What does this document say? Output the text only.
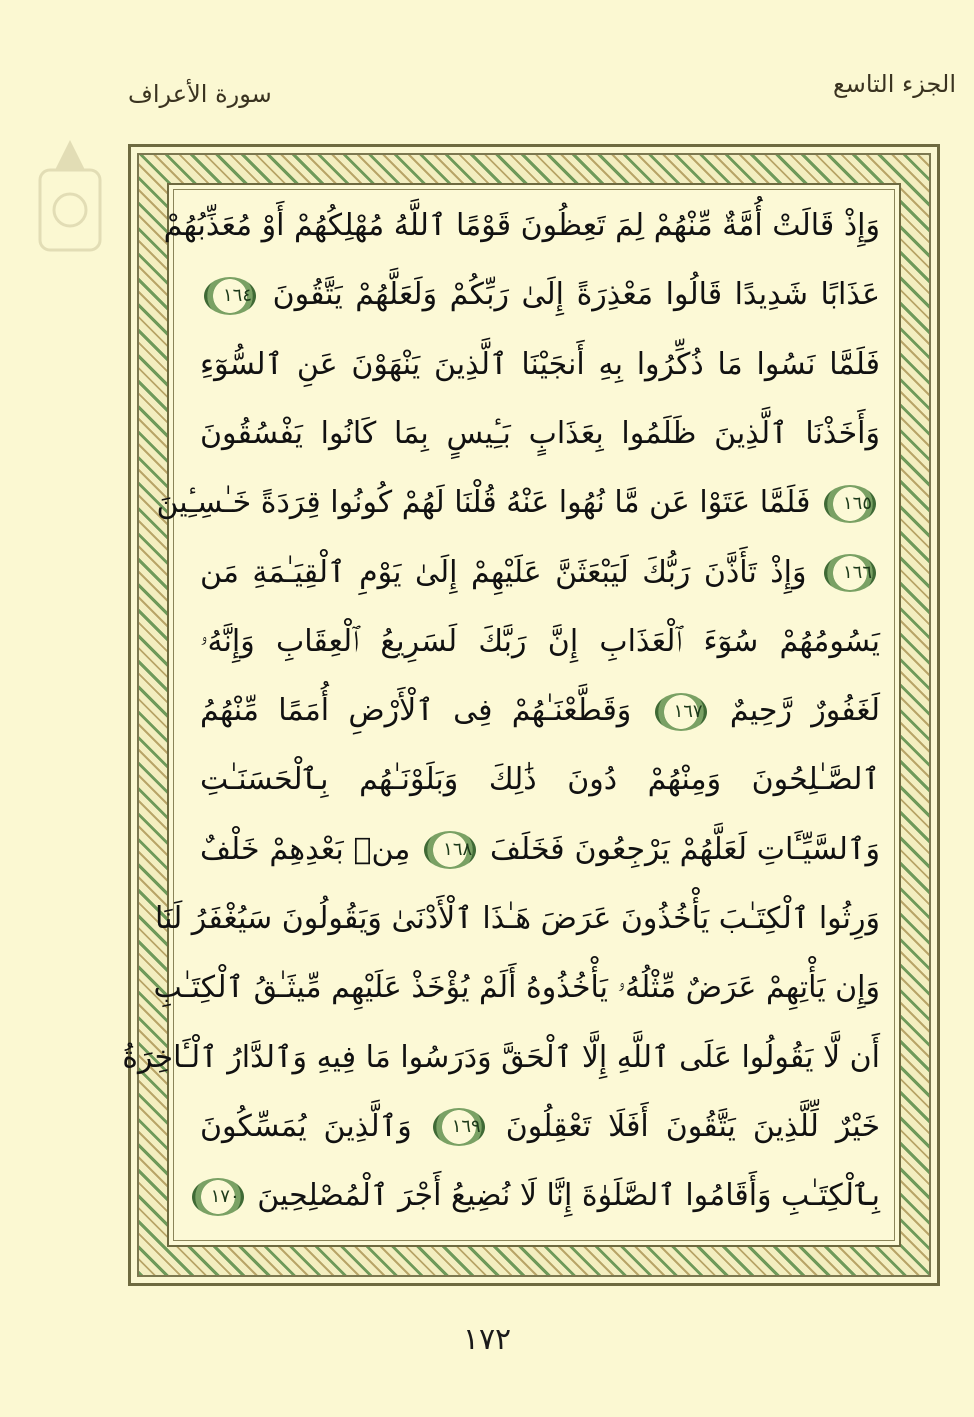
الجزء التاسع
سورة الأعراف
وَإِذْ قَالَتْ أُمَّةٌ مِّنْهُمْ لِمَ تَعِظُونَ قَوْمًا ٱللَّهُ مُهْلِكُهُمْ أَوْ مُعَذِّبُهُمْ
عَذَابًا شَدِيدًا قَالُوا مَعْذِرَةً إِلَىٰ رَبِّكُمْ وَلَعَلَّهُمْ يَتَّقُونَ ١٦٤
فَلَمَّا نَسُوا مَا ذُكِّرُوا بِهِ أَنجَيْنَا ٱلَّذِينَ يَنْهَوْنَ عَنِ ٱلسُّوٓءِ
وَأَخَذْنَا ٱلَّذِينَ ظَلَمُوا بِعَذَابٍ بَـِٔيسٍ بِمَا كَانُوا يَفْسُقُونَ
١٦٥ فَلَمَّا عَتَوْا عَن مَّا نُهُوا عَنْهُ قُلْنَا لَهُمْ كُونُوا قِرَدَةً خَـٰسِـِٔينَ
١٦٦ وَإِذْ تَأَذَّنَ رَبُّكَ لَيَبْعَثَنَّ عَلَيْهِمْ إِلَىٰ يَوْمِ ٱلْقِيَـٰمَةِ مَن
يَسُومُهُمْ سُوٓءَ ٱلْعَذَابِ إِنَّ رَبَّكَ لَسَرِيعُ ٱلْعِقَابِ وَإِنَّهُۥ
لَغَفُورٌ رَّحِيمٌ ١٦٧ وَقَطَّعْنَـٰهُمْ فِى ٱلْأَرْضِ أُمَمًا مِّنْهُمُ
ٱلصَّـٰلِحُونَ وَمِنْهُمْ دُونَ ذَٰلِكَ وَبَلَوْنَـٰهُم بِٱلْحَسَنَـٰتِ
وَٱلسَّيِّـَٔاتِ لَعَلَّهُمْ يَرْجِعُونَ فَخَلَفَ ١٦٨ مِنۢ بَعْدِهِمْ خَلْفٌ
وَرِثُوا ٱلْكِتَـٰبَ يَأْخُذُونَ عَرَضَ هَـٰذَا ٱلْأَدْنَىٰ وَيَقُولُونَ سَيُغْفَرُ لَنَا
وَإِن يَأْتِهِمْ عَرَضٌ مِّثْلُهُۥ يَأْخُذُوهُ أَلَمْ يُؤْخَذْ عَلَيْهِم مِّيثَـٰقُ ٱلْكِتَـٰبِ
أَن لَّا يَقُولُوا عَلَى ٱللَّهِ إِلَّا ٱلْحَقَّ وَدَرَسُوا مَا فِيهِ وَٱلدَّارُ ٱلْـَٔاخِرَةُ
خَيْرٌ لِّلَّذِينَ يَتَّقُونَ أَفَلَا تَعْقِلُونَ ١٦٩ وَٱلَّذِينَ يُمَسِّكُونَ
بِٱلْكِتَـٰبِ وَأَقَامُوا ٱلصَّلَوٰةَ إِنَّا لَا نُضِيعُ أَجْرَ ٱلْمُصْلِحِينَ ١٧٠
١٧٢
